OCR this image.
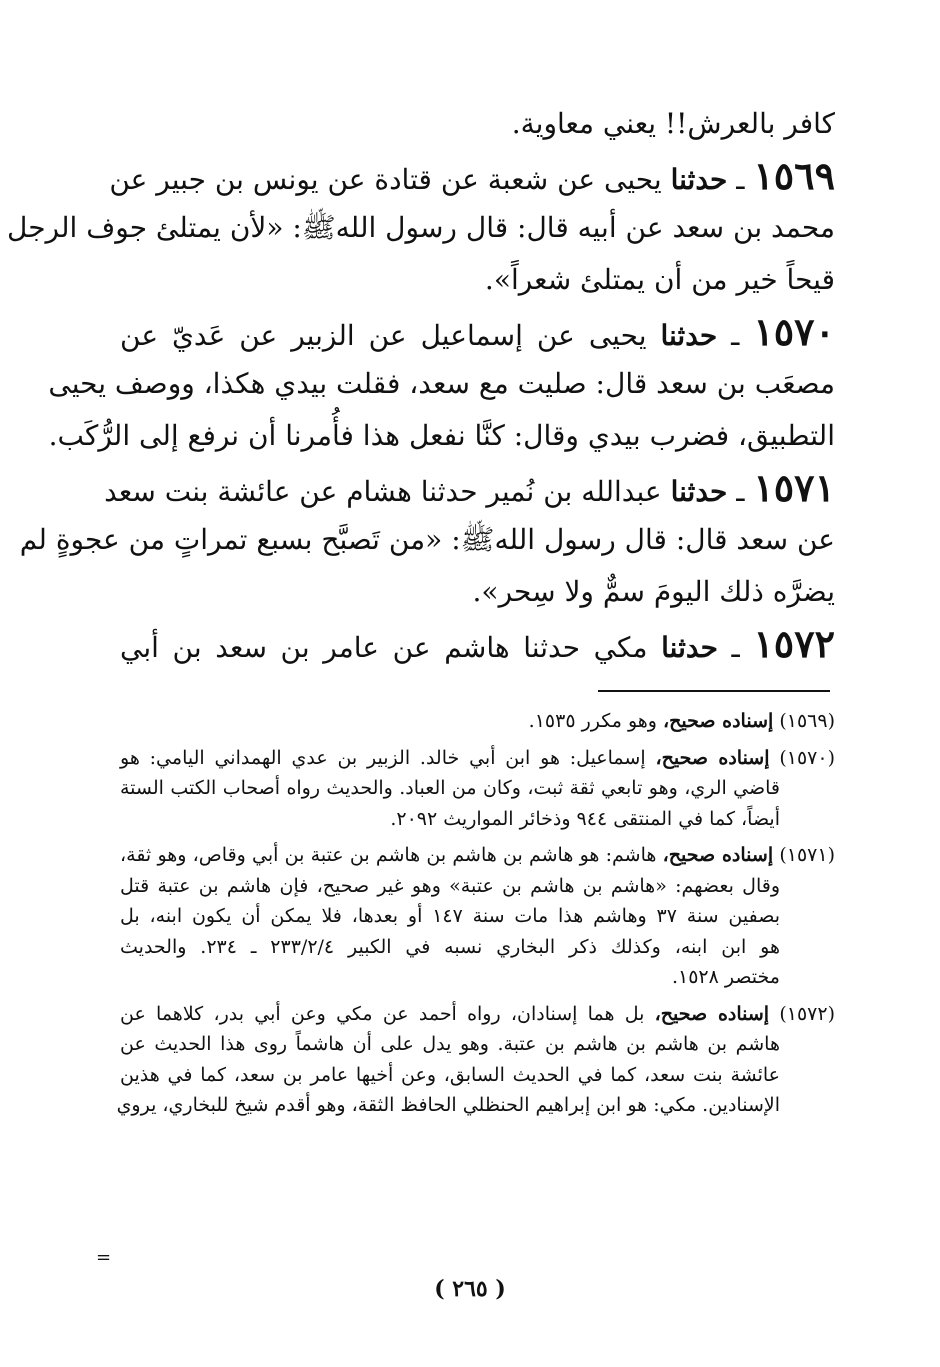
كافر بالعرش!! يعني معاوية.
١٥٦٩ ـ حدثنا يحيى عن شعبة عن قتادة عن يونس بن جبير عن
محمد بن سعد عن أبيه قال: قال رسول اللهﷺ: «لأن يمتلئ جوف الرجل
قيحاً خير من أن يمتلئ شعراً».
١٥٧٠ ـ حدثنا يحيى عن إسماعيل عن الزبير عن عَديّ عن
مصعَب بن سعد قال: صليت مع سعد، فقلت بيدي هكذا، ووصف يحيى
التطبيق، فضرب بيدي وقال: كنَّا نفعل هذا فأُمرنا أن نرفع إلى الرُّكَب.
١٥٧١ ـ حدثنا عبدالله بن نُمير حدثنا هشام عن عائشة بنت سعد
عن سعد قال: قال رسول اللهﷺ: «من تَصبَّح بسبع تمراتٍ من عجوةٍ لم
يضرَّه ذلك اليومَ سمٌّ ولا سِحر».
١٥٧٢ ـ حدثنا مكي حدثنا هاشم عن عامر بن سعد بن أبي
(١٥٦٩) إسناده صحيح، وهو مكرر ١٥٣٥.
(١٥٧٠) إسناده صحيح، إسماعيل: هو ابن أبي خالد. الزبير بن عدي الهمداني اليامي: هو
قاضي الري، وهو تابعي ثقة ثبت، وكان من العباد. والحديث رواه أصحاب الكتب الستة
أيضاً، كما في المنتقى ٩٤٤ وذخائر المواريث ٢٠٩٢.
(١٥٧١) إسناده صحيح، هاشم: هو هاشم بن هاشم بن هاشم بن عتبة بن أبي وقاص، وهو ثقة،
وقال بعضهم: «هاشم بن هاشم بن عتبة» وهو غير صحيح، فإن هاشم بن عتبة قتل
بصفين سنة ٣٧ وهاشم هذا مات سنة ١٤٧ أو بعدها، فلا يمكن أن يكون ابنه، بل
هو ابن ابنه، وكذلك ذكر البخاري نسبه في الكبير ٢٣٣/٢/٤ ـ ٢٣٤. والحديث
مختصر ١٥٢٨.
(١٥٧٢) إسناده صحيح، بل هما إسنادان، رواه أحمد عن مكي وعن أبي بدر، كلاهما عن
هاشم بن هاشم بن هاشم بن عتبة. وهو يدل على أن هاشماً روى هذا الحديث عن
عائشة بنت سعد، كما في الحديث السابق، وعن أخيها عامر بن سعد، كما في هذين
الإسنادين. مكي: هو ابن إبراهيم الحنظلي الحافظ الثقة، وهو أقدم شيخ للبخاري، يروي
=
( ٢٦٥ )
